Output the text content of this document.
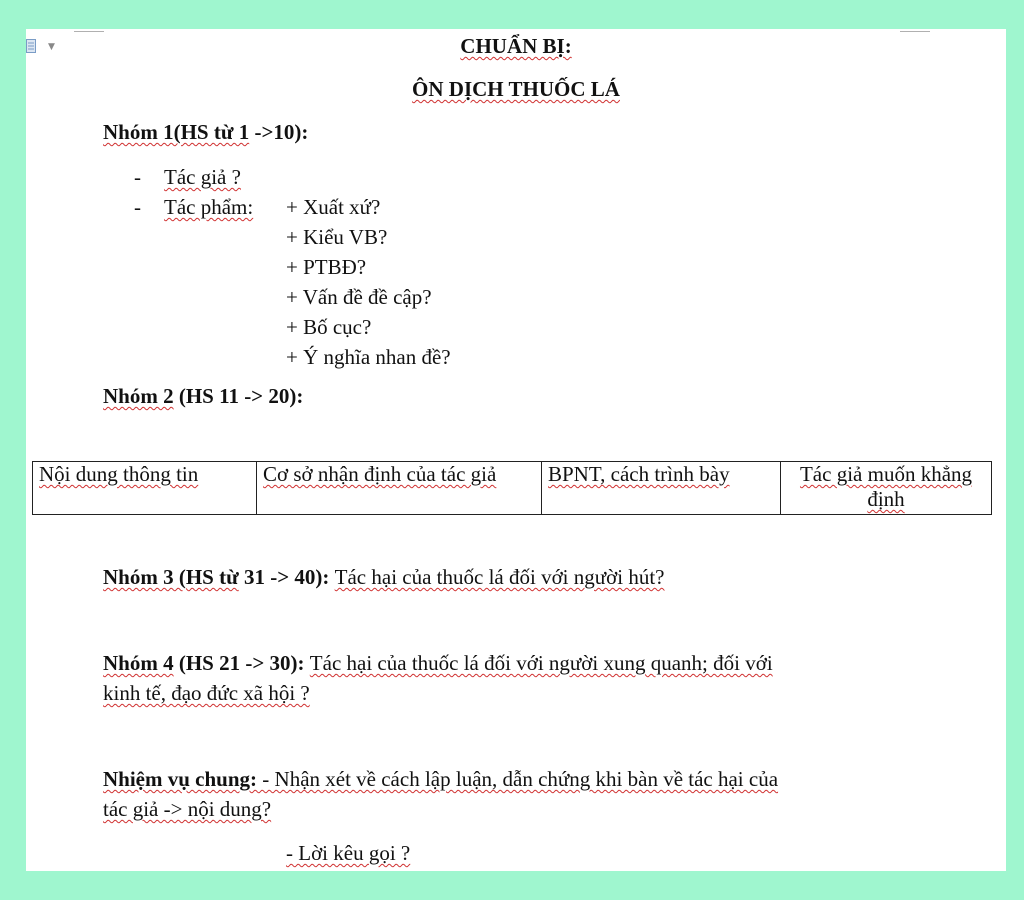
▼	CHUẨN BỊ:
ÔN DỊCH THUỐC LÁ
Nhóm 1(HS từ 1 ->10):
- Tác giả ?
- Tác phẩm: + Xuất xứ?
+ Kiểu VB?
+ PTBĐ?
+ Vấn đề đề cập?
+ Bố cục?
+ Ý nghĩa nhan đề?
Nhóm 2 (HS 11 -> 20):
Nội dung thông tin	Cơ sở nhận định của tác giả	BPNT, cách trình bày	Tác giả muốn khẳng định
Nhóm 3 (HS từ 31 -> 40): Tác hại của thuốc lá đối với người hút?
Nhóm 4 (HS 21 -> 30): Tác hại của thuốc lá đối với người xung quanh; đối với
kinh tế, đạo đức xã hội ?
Nhiệm vụ chung: - Nhận xét về cách lập luận, dẫn chứng khi bàn về tác hại của
tác giả -> nội dung?
- Lời kêu gọi ?
